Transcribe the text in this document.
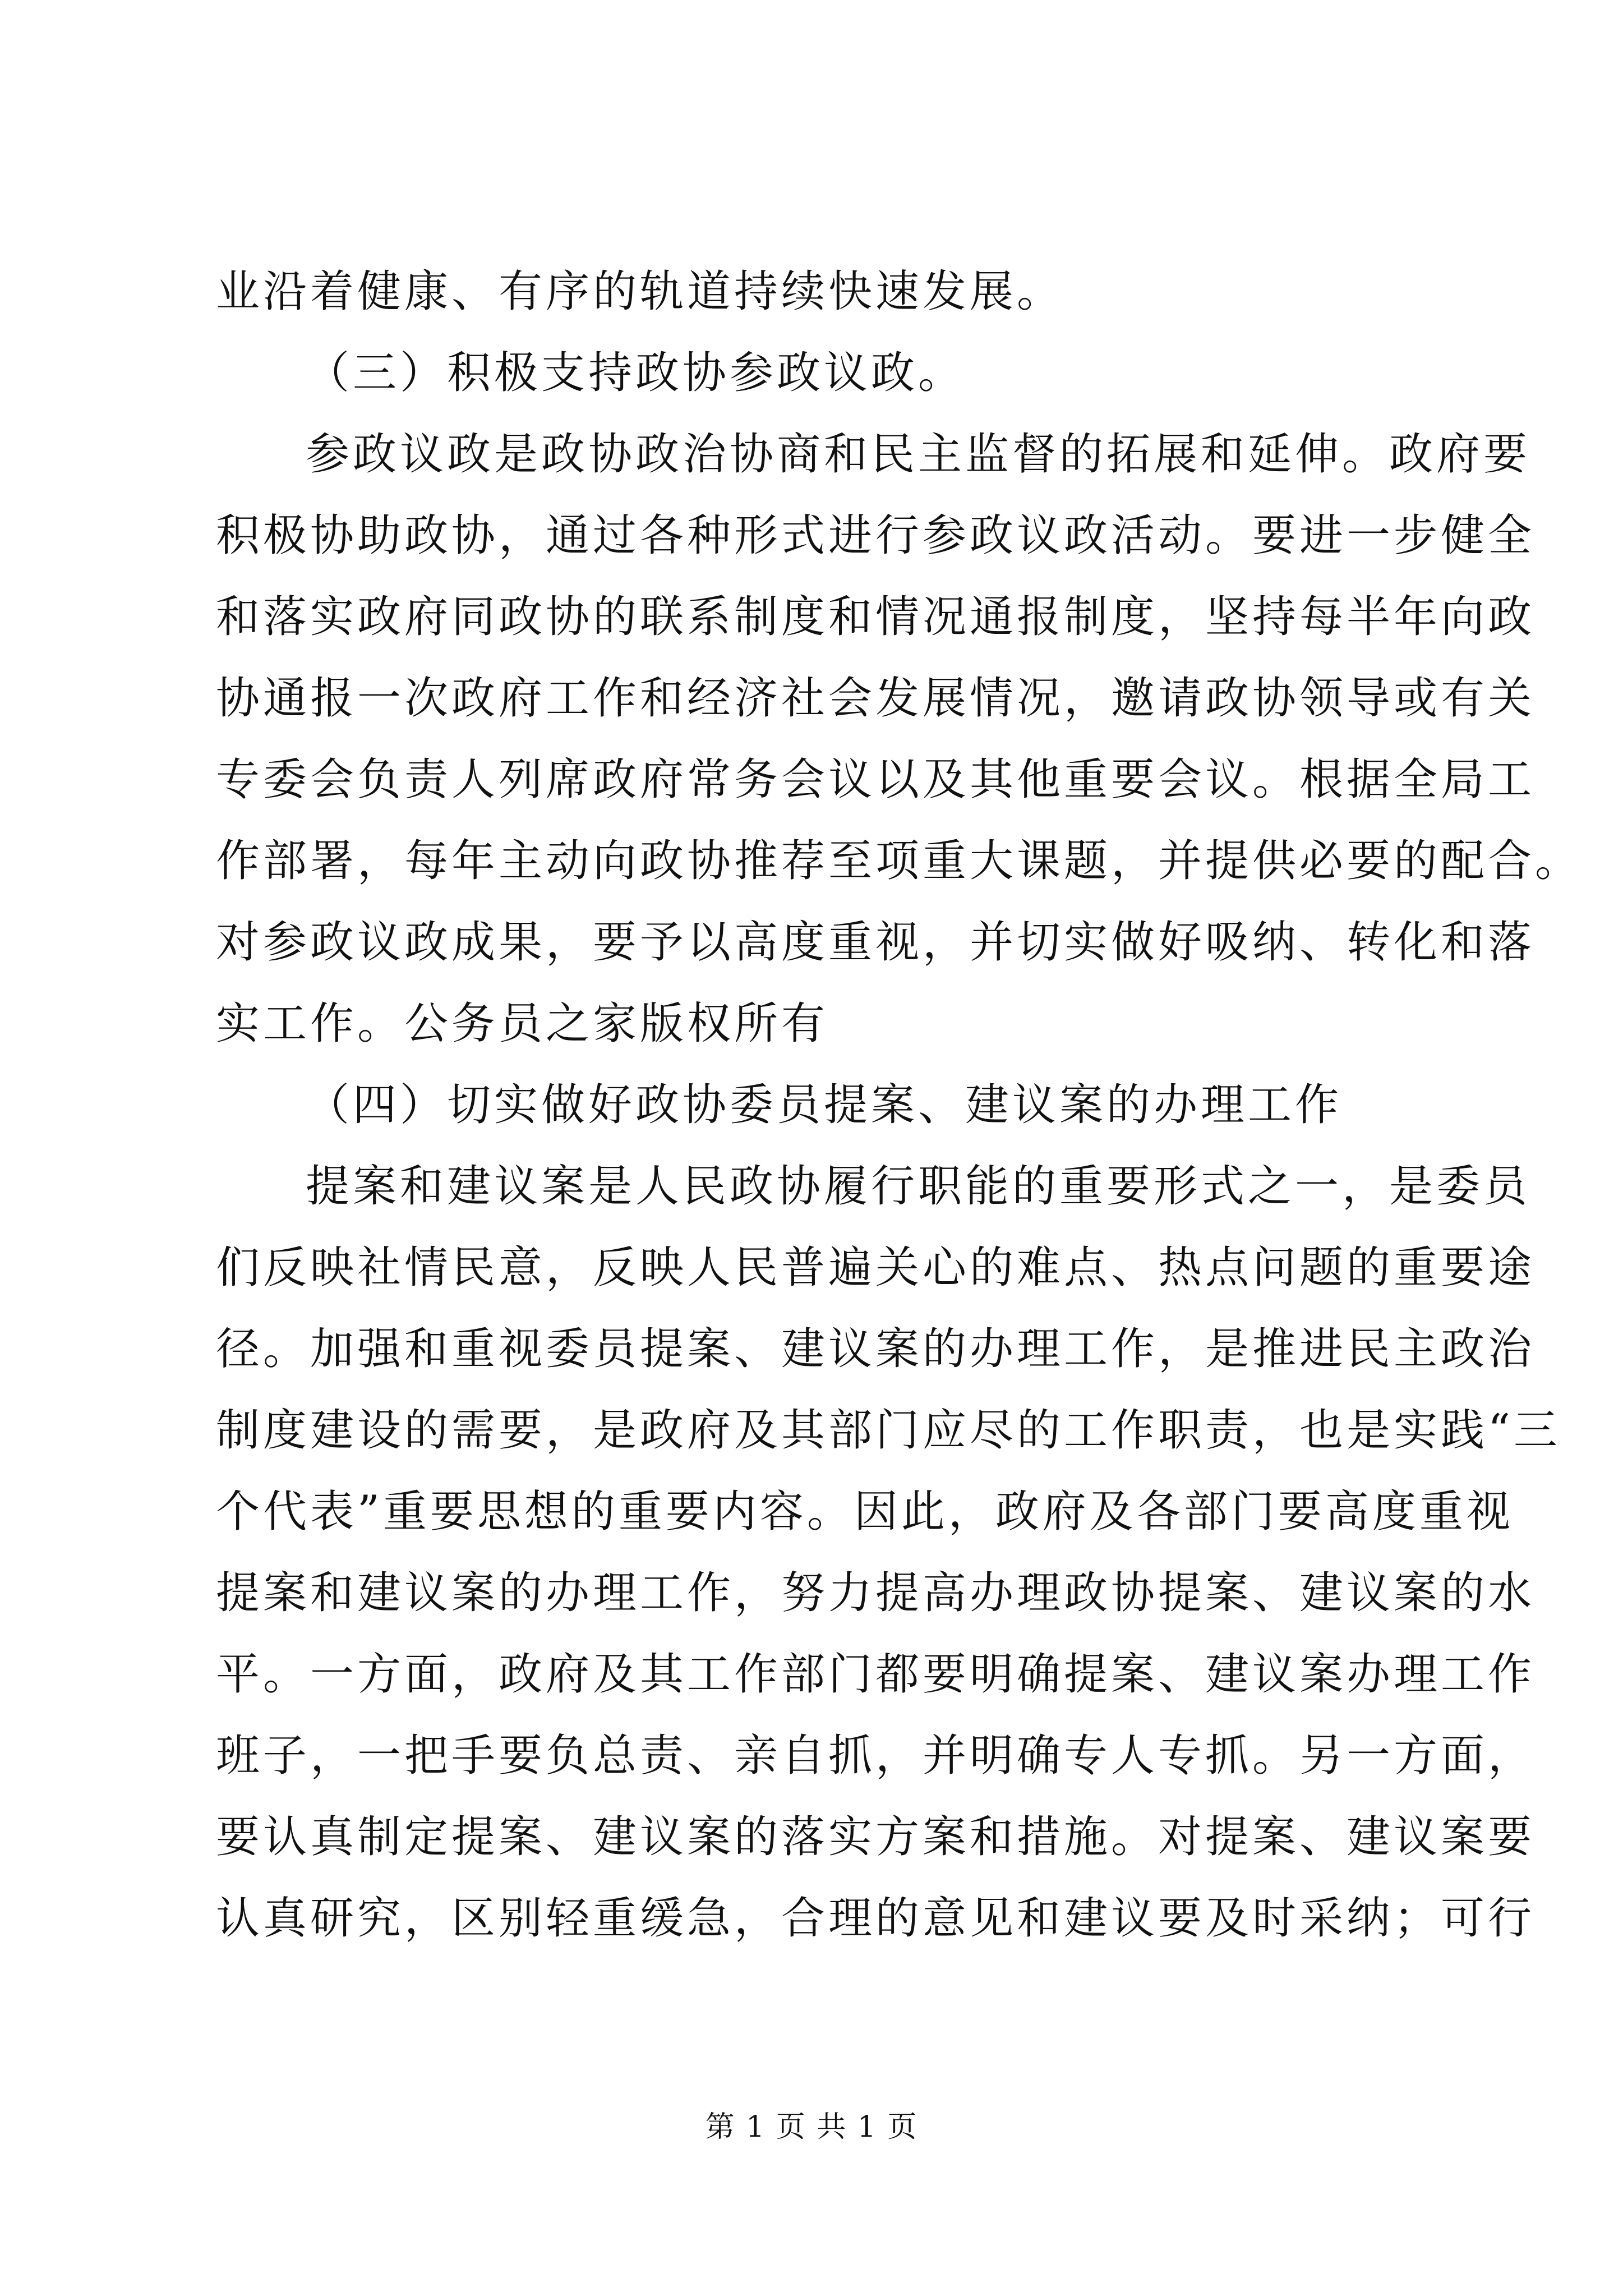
业沿着健康、有序的轨道持续快速发展。
（三）积极支持政协参政议政。
参政议政是政协政治协商和民主监督的拓展和延伸。政府要
积极协助政协，通过各种形式进行参政议政活动。要进一步健全
和落实政府同政协的联系制度和情况通报制度，坚持每半年向政
协通报一次政府工作和经济社会发展情况，邀请政协领导或有关
专委会负责人列席政府常务会议以及其他重要会议。根据全局工
作部署，每年主动向政协推荐至项重大课题，并提供必要的配合。
对参政议政成果，要予以高度重视，并切实做好吸纳、转化和落
实工作。公务员之家版权所有
（四）切实做好政协委员提案、建议案的办理工作
提案和建议案是人民政协履行职能的重要形式之一，是委员
们反映社情民意，反映人民普遍关心的难点、热点问题的重要途
径。加强和重视委员提案、建议案的办理工作，是推进民主政治
制度建设的需要，是政府及其部门应尽的工作职责，也是实践“三
个代表”重要思想的重要内容。因此，政府及各部门要高度重视
提案和建议案的办理工作，努力提高办理政协提案、建议案的水
平。一方面，政府及其工作部门都要明确提案、建议案办理工作
班子，一把手要负总责、亲自抓，并明确专人专抓。另一方面，
要认真制定提案、建议案的落实方案和措施。对提案、建议案要
认真研究，区别轻重缓急，合理的意见和建议要及时采纳；可行
第 1 页 共 1 页
